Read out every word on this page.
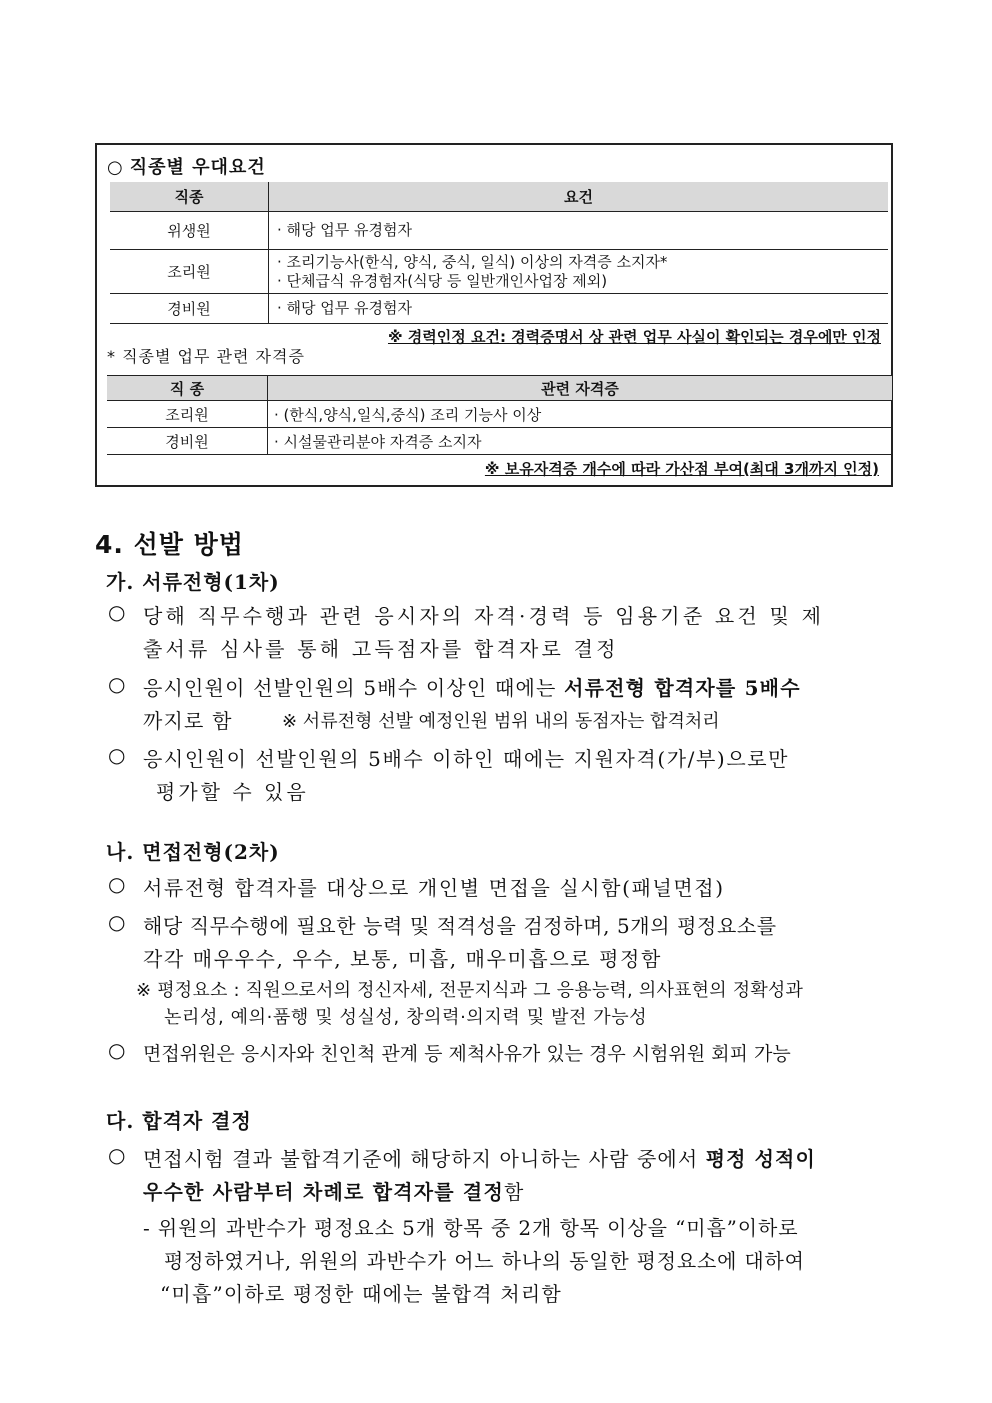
○ 직종별 우대요건
직종	요건
위생원	· 해당 업무 유경험자
조리원	· 조리기능사(한식, 양식, 중식, 일식) 이상의 자격증 소지자*
· 단체급식 유경험자(식당 등 일반개인사업장 제외)

경비원	· 해당 업무 유경험자
※ 경력인정 요건: 경력증명서 상 관련 업무 사실이 확인되는 경우에만 인정
* 직종별 업무 관련 자격증
직 종	관련 자격증
조리원	· (한식,양식,일식,중식) 조리 기능사 이상
경비원	· 시설물관리분야 자격증 소지자
※ 보유자격증 개수에 따라 가산점 부여(최대 3개까지 인정)
4. 선발 방법
가. 서류전형(1차)
○ 당해 직무수행과 관련 응시자의 자격·경력 등 임용기준 요건 및 제
출서류 심사를 통해 고득점자를 합격자로 결정
○ 응시인원이 선발인원의 5배수 이상인 때에는 서류전형 합격자를 5배수
까지로 함	※ 서류전형 선발 예정인원 범위 내의 동점자는 합격처리
○ 응시인원이 선발인원의 5배수 이하인 때에는 지원자격(가/부)으로만
평가할 수 있음
나. 면접전형(2차)
○ 서류전형 합격자를 대상으로 개인별 면접을 실시함(패널면접)
○ 해당 직무수행에 필요한 능력 및 적격성을 검정하며, 5개의 평정요소를
각각 매우우수, 우수, 보통, 미흡, 매우미흡으로 평정함
※ 평정요소 : 직원으로서의 정신자세, 전문지식과 그 응용능력, 의사표현의 정확성과
논리성, 예의·품행 및 성실성, 창의력·의지력 및 발전 가능성
○ 면접위원은 응시자와 친인척 관계 등 제척사유가 있는 경우 시험위원 회피 가능
다. 합격자 결정
○ 면접시험 결과 불합격기준에 해당하지 아니하는 사람 중에서 평정 성적이
우수한 사람부터 차례로 합격자를 결정함
- 위원의 과반수가 평정요소 5개 항목 중 2개 항목 이상을 “미흡”이하로
평정하였거나, 위원의 과반수가 어느 하나의 동일한 평정요소에 대하여
“미흡”이하로 평정한 때에는 불합격 처리함
